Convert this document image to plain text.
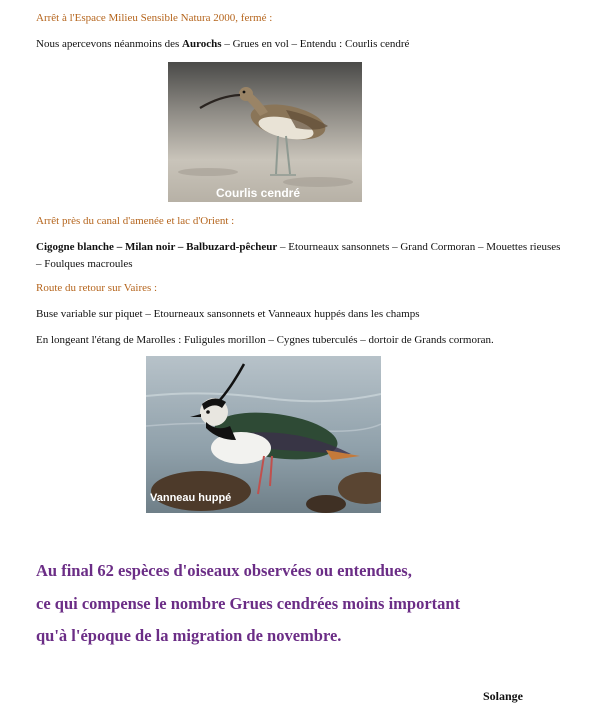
Arrêt à l'Espace Milieu Sensible Natura 2000, fermé :
Nous apercevons néanmoins des Aurochs – Grues en vol – Entendu : Courlis cendré
Courlis cendré
Arrêt près du canal d'amenée et lac d'Orient :
Cigogne blanche – Milan noir – Balbuzard-pêcheur – Etourneaux sansonnets – Grand Cormoran – Mouettes rieuses – Foulques macroules
Route du retour sur Vaires :
Buse variable sur piquet – Etourneaux sansonnets et Vanneaux huppés dans les champs
En longeant l'étang de Marolles : Fuligules morillon – Cygnes tuberculés – dortoir de Grands cormoran.
Vanneau huppé
Au final 62 espèces d'oiseaux observées ou entendues,
ce qui compense le nombre Grues cendrées moins important
qu'à l'époque de la migration de novembre.
Solange
